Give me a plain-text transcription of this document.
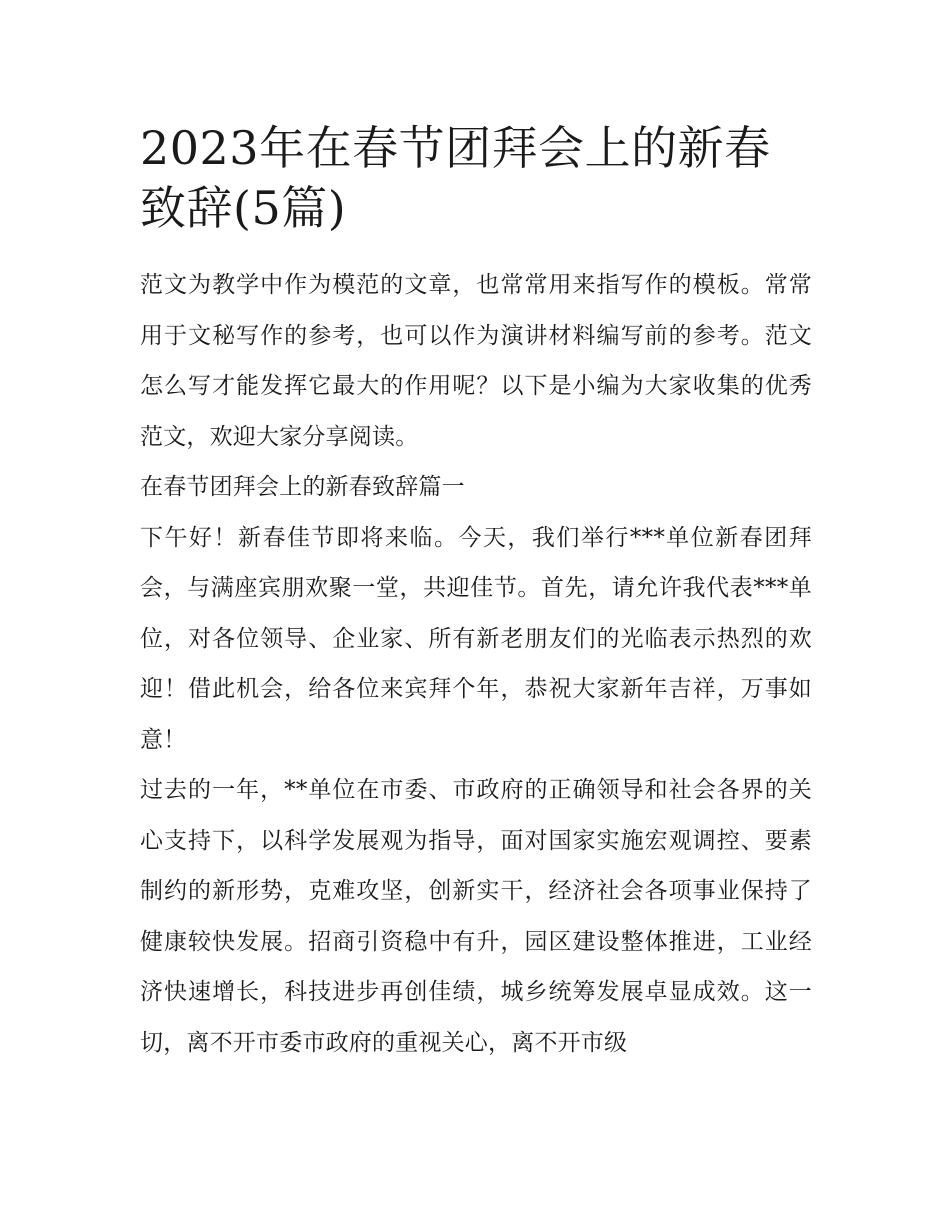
2023年在春节团拜会上的新春致辞(5篇)

范文为教学中作为模范的文章，也常常用来指写作的模板。常常用于文秘写作的参考，也可以作为演讲材料编写前的参考。范文怎么写才能发挥它最大的作用呢？以下是小编为大家收集的优秀范文，欢迎大家分享阅读。

在春节团拜会上的新春致辞篇一

下午好！新春佳节即将来临。今天，我们举行***单位新春团拜会，与满座宾朋欢聚一堂，共迎佳节。首先，请允许我代表***单位，对各位领导、企业家、所有新老朋友们的光临表示热烈的欢迎！借此机会，给各位来宾拜个年，恭祝大家新年吉祥，万事如意！

过去的一年，**单位在市委、市政府的正确领导和社会各界的关心支持下，以科学发展观为指导，面对国家实施宏观调控、要素制约的新形势，克难攻坚，创新实干，经济社会各项事业保持了健康较快发展。招商引资稳中有升，园区建设整体推进，工业经济快速增长，科技进步再创佳绩，城乡统筹发展卓显成效。这一切，离不开市委市政府的重视关心，离不开市级
